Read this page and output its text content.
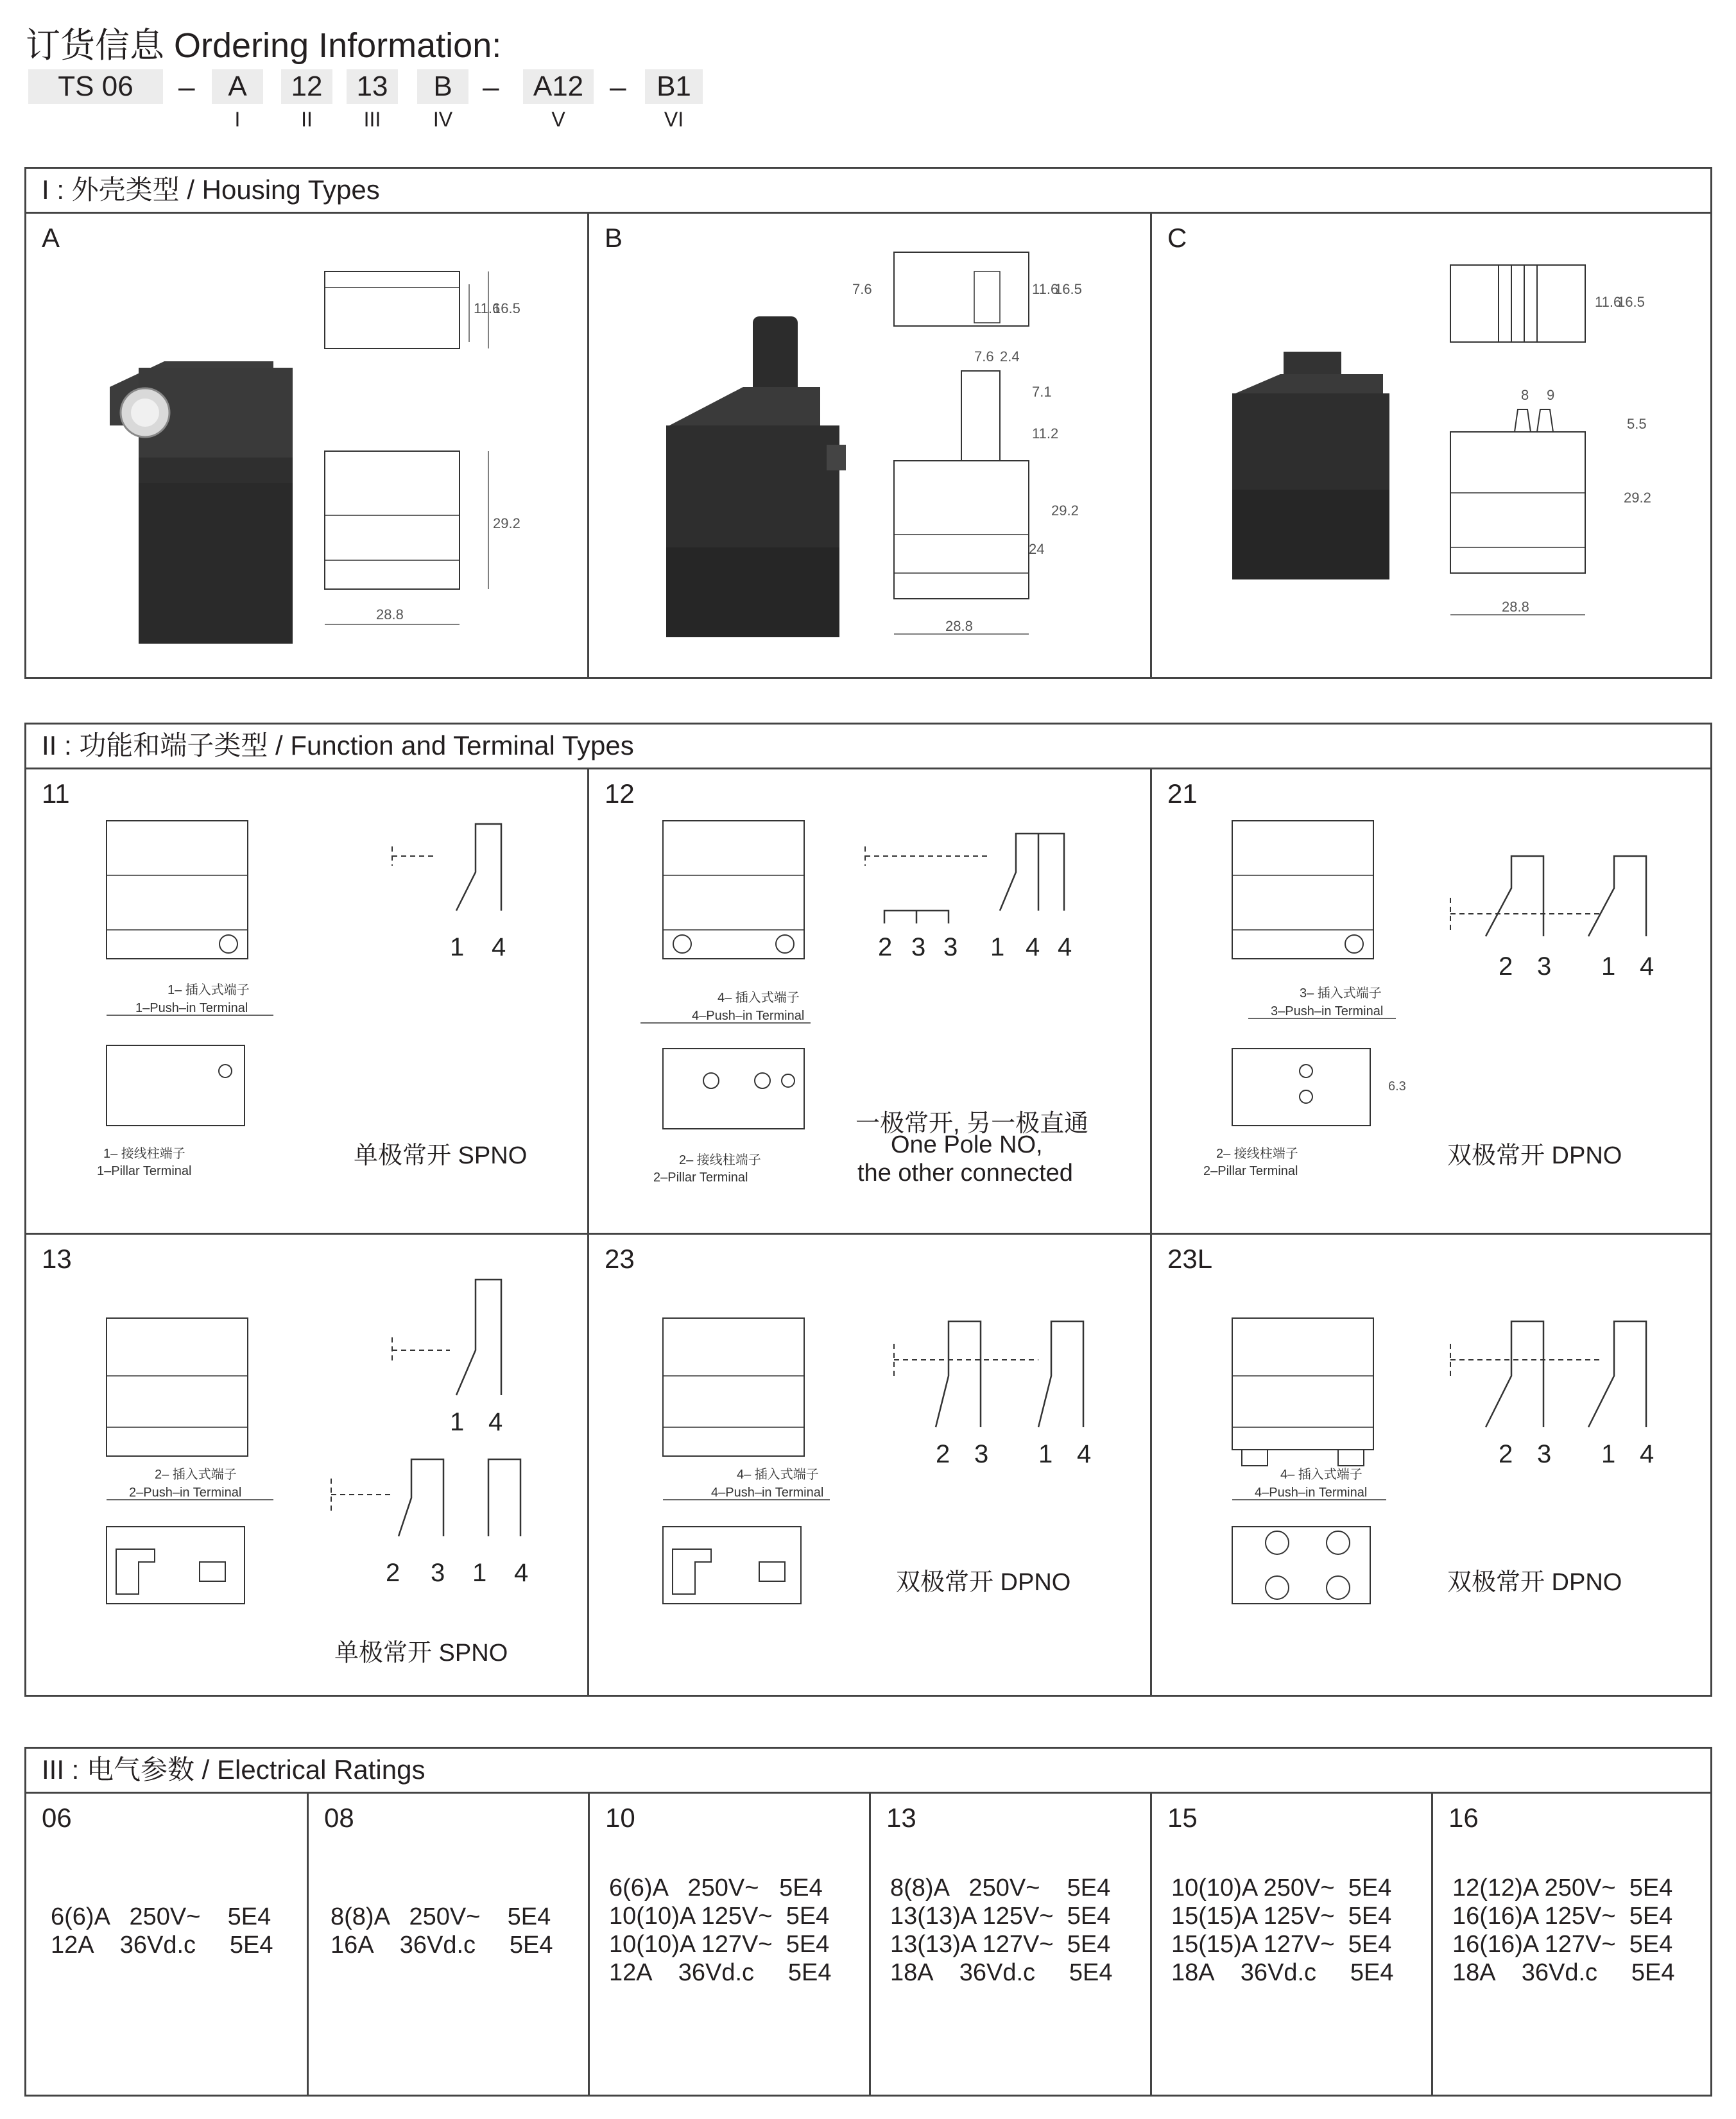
订货信息 Ordering Information:
TS 06	–	A	12	13	B	–	A12 –	B1
I	II	III	IV	V	VI
I : 外壳类型 / Housing Types
A
11.6
16.5
29.2
28.8
B
7.6	11.6
16.5
7.6 2.4
7.1
11.2
29.2
24
28.8
C
11.6
16.5
8 9
5.5
29.2
28.8
II : 功能和端子类型 / Function and Terminal Types
11
1 4
1– 插入式端子
1–Push–in Terminal
1– 接线柱端子
1–Pillar Terminal
单极常开 SPNO
12
2 3 3 1 4 4
4– 插入式端子
4–Push–in Terminal
2– 接线柱端子
2–Pillar Terminal
一极常开, 另一极直通
One Pole NO,
the other connected
21
2 3 1 4
3– 插入式端子
3–Push–in Terminal
6.3
2– 接线柱端子
2–Pillar Terminal
双极常开 DPNO
13
1 4
2 3 1 4
2– 插入式端子
2–Push–in Terminal
单极常开 SPNO
23
2 3 1 4
4– 插入式端子
4–Push–in Terminal
双极常开 DPNO
23L
2 3 1 4
4– 插入式端子
4–Push–in Terminal
双极常开 DPNO
III : 电气参数 / Electrical Ratings
06
6(6)A   250V~    5E4
12A    36Vd.c     5E4
08
8(8)A   250V~    5E4
16A    36Vd.c     5E4
10
6(6)A   250V~   5E4
10(10)A 125V~  5E4
10(10)A 127V~  5E4
12A    36Vd.c     5E4
13
8(8)A   250V~    5E4
13(13)A 125V~  5E4
13(13)A 127V~  5E4
18A    36Vd.c     5E4
15
10(10)A 250V~  5E4
15(15)A 125V~  5E4
15(15)A 127V~  5E4
18A    36Vd.c     5E4
16
12(12)A 250V~  5E4
16(16)A 125V~  5E4
16(16)A 127V~  5E4
18A    36Vd.c     5E4
